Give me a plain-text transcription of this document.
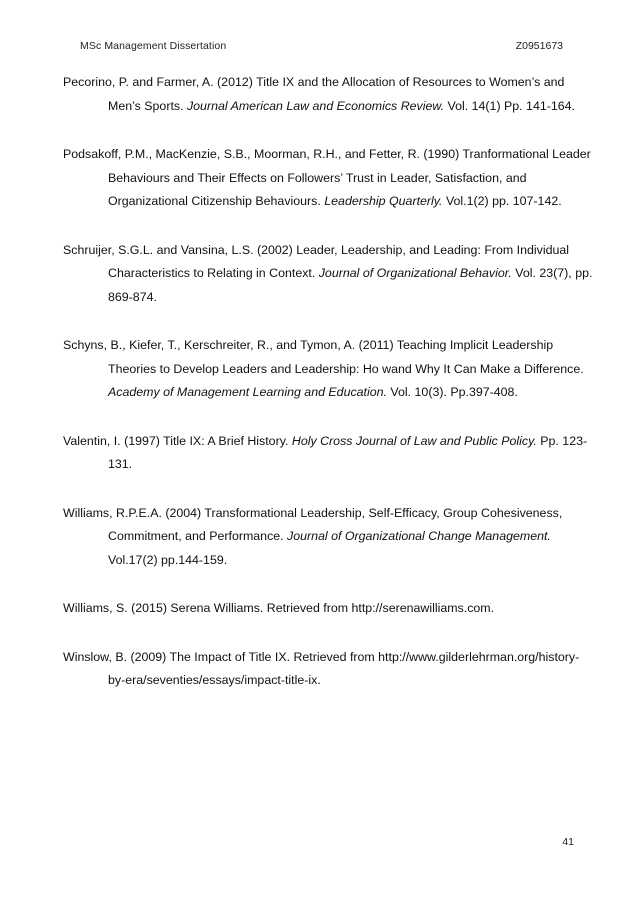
MSc Management Dissertation	Z0951673

Pecorino, P. and Farmer, A. (2012) Title IX and the Allocation of Resources to Women’s and Men’s Sports. Journal American Law and Economics Review. Vol. 14(1) Pp. 141-164.

Podsakoff, P.M., MacKenzie, S.B., Moorman, R.H., and Fetter, R. (1990) Tranformational Leader Behaviours and Their Effects on Followers’ Trust in Leader, Satisfaction, and Organizational Citizenship Behaviours. Leadership Quarterly. Vol.1(2) pp. 107-142.

Schruijer, S.G.L. and Vansina, L.S. (2002) Leader, Leadership, and Leading: From Individual Characteristics to Relating in Context. Journal of Organizational Behavior. Vol. 23(7), pp. 869-874.

Schyns, B., Kiefer, T., Kerschreiter, R., and Tymon, A. (2011) Teaching Implicit Leadership Theories to Develop Leaders and Leadership: Ho wand Why It Can Make a Difference. Academy of Management Learning and Education. Vol. 10(3). Pp.397-408.

Valentin, I. (1997) Title IX: A Brief History. Holy Cross Journal of Law and Public Policy. Pp. 123-131.

Williams, R.P.E.A. (2004) Transformational Leadership, Self-Efficacy, Group Cohesiveness, Commitment, and Performance. Journal of Organizational Change Management. Vol.17(2) pp.144-159.

Williams, S. (2015) Serena Williams. Retrieved from http://serenawilliams.com.

Winslow, B. (2009) The Impact of Title IX. Retrieved from http://www.gilderlehrman.org/history-by-era/seventies/essays/impact-title-ix.

41
